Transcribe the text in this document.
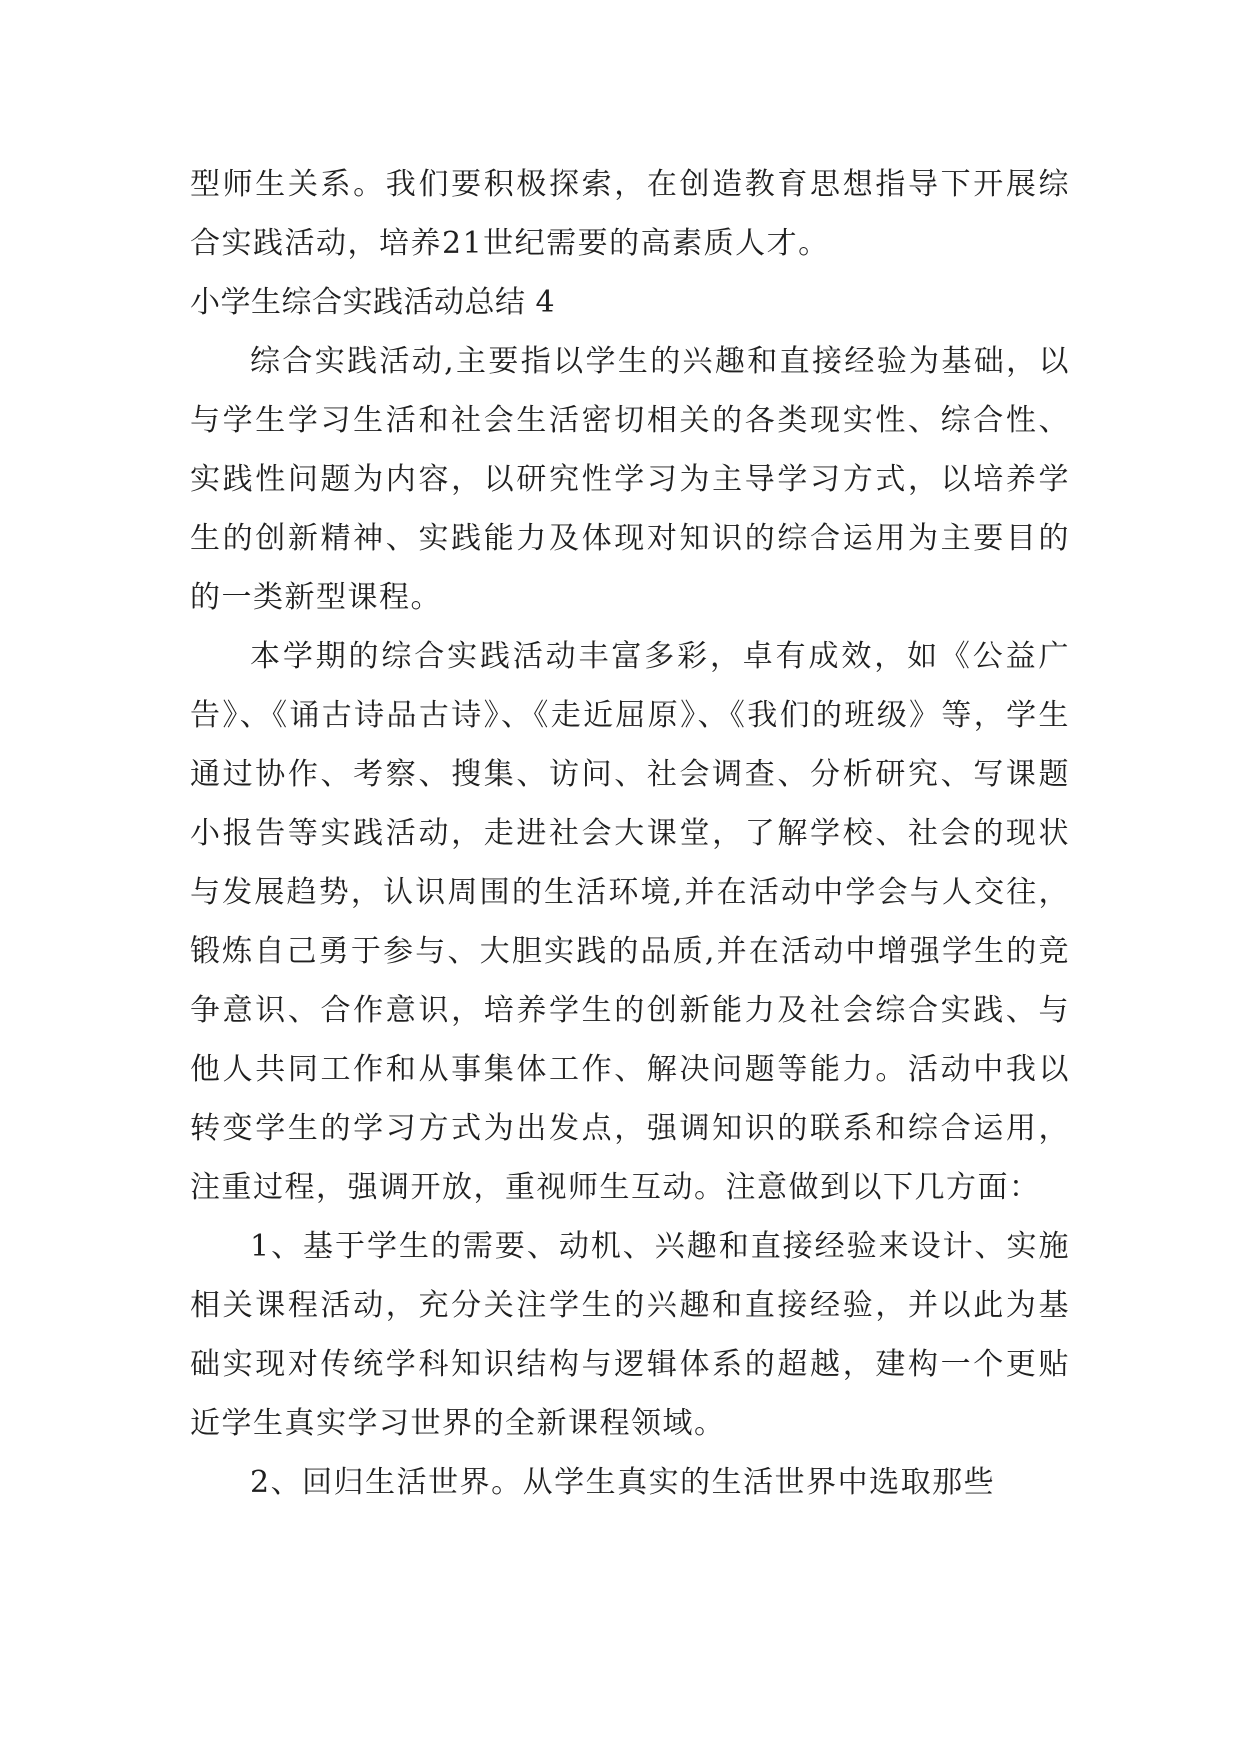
型师生关系。我们要积极探索，在创造教育思想指导下开展综合实践活动，培养21世纪需要的高素质人才。

小学生综合实践活动总结 4

综合实践活动,主要指以学生的兴趣和直接经验为基础，以与学生学习生活和社会生活密切相关的各类现实性、综合性、实践性问题为内容，以研究性学习为主导学习方式，以培养学生的创新精神、实践能力及体现对知识的综合运用为主要目的的一类新型课程。

本学期的综合实践活动丰富多彩，卓有成效，如《公益广告》、《诵古诗品古诗》、《走近屈原》、《我们的班级》等，学生通过协作、考察、搜集、访问、社会调查、分析研究、写课题小报告等实践活动，走进社会大课堂，了解学校、社会的现状与发展趋势，认识周围的生活环境,并在活动中学会与人交往，锻炼自己勇于参与、大胆实践的品质,并在活动中增强学生的竞争意识、合作意识，培养学生的创新能力及社会综合实践、与他人共同工作和从事集体工作、解决问题等能力。活动中我以转变学生的学习方式为出发点，强调知识的联系和综合运用，注重过程，强调开放，重视师生互动。注意做到以下几方面：

1、基于学生的需要、动机、兴趣和直接经验来设计、实施相关课程活动，充分关注学生的兴趣和直接经验，并以此为基础实现对传统学科知识结构与逻辑体系的超越，建构一个更贴近学生真实学习世界的全新课程领域。

2、回归生活世界。从学生真实的生活世界中选取那些
